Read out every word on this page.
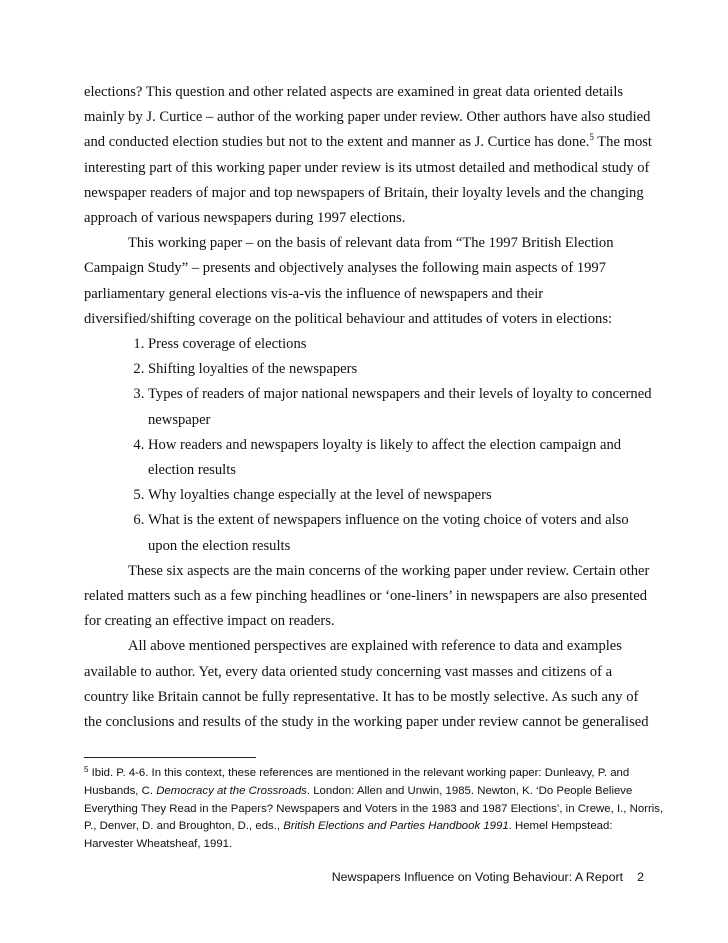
elections? This question and other related aspects are examined in great data oriented details mainly by J. Curtice – author of the working paper under review. Other authors have also studied and conducted election studies but not to the extent and manner as J. Curtice has done.$^5$ The most interesting part of this working paper under review is its utmost detailed and methodical study of newspaper readers of major and top newspapers of Britain, their loyalty levels and the changing approach of various newspapers during 1997 elections.

This working paper – on the basis of relevant data from “The 1997 British Election Campaign Study” – presents and objectively analyses the following main aspects of 1997 parliamentary general elections vis-a-vis the influence of newspapers and their diversified/shifting coverage on the political behaviour and attitudes of voters in elections:

1. Press coverage of elections
2. Shifting loyalties of the newspapers
3. Types of readers of major national newspapers and their levels of loyalty to concerned newspaper
4. How readers and newspapers loyalty is likely to affect the election campaign and election results
5. Why loyalties change especially at the level of newspapers
6. What is the extent of newspapers influence on the voting choice of voters and also upon the election results

These six aspects are the main concerns of the working paper under review. Certain other related matters such as a few pinching headlines or ‘one-liners’ in newspapers are also presented for creating an effective impact on readers.

All above mentioned perspectives are explained with reference to data and examples available to author. Yet, every data oriented study concerning vast masses and citizens of a country like Britain cannot be fully representative. It has to be mostly selective. As such any of the conclusions and results of the study in the working paper under review cannot be generalised

$^5$ Ibid. P. 4-6. In this context, these references are mentioned in the relevant working paper: Dunleavy, P. and Husbands, C. Democracy at the Crossroads. London: Allen and Unwin, 1985. Newton, K. ‘Do People Believe Everything They Read in the Papers? Newspapers and Voters in the 1983 and 1987 Elections’, in Crewe, I., Norris, P., Denver, D. and Broughton, D., eds., British Elections and Parties Handbook 1991. Hemel Hempstead: Harvester Wheatsheaf, 1991.
Newspapers Influence on Voting Behaviour: A Report 2
